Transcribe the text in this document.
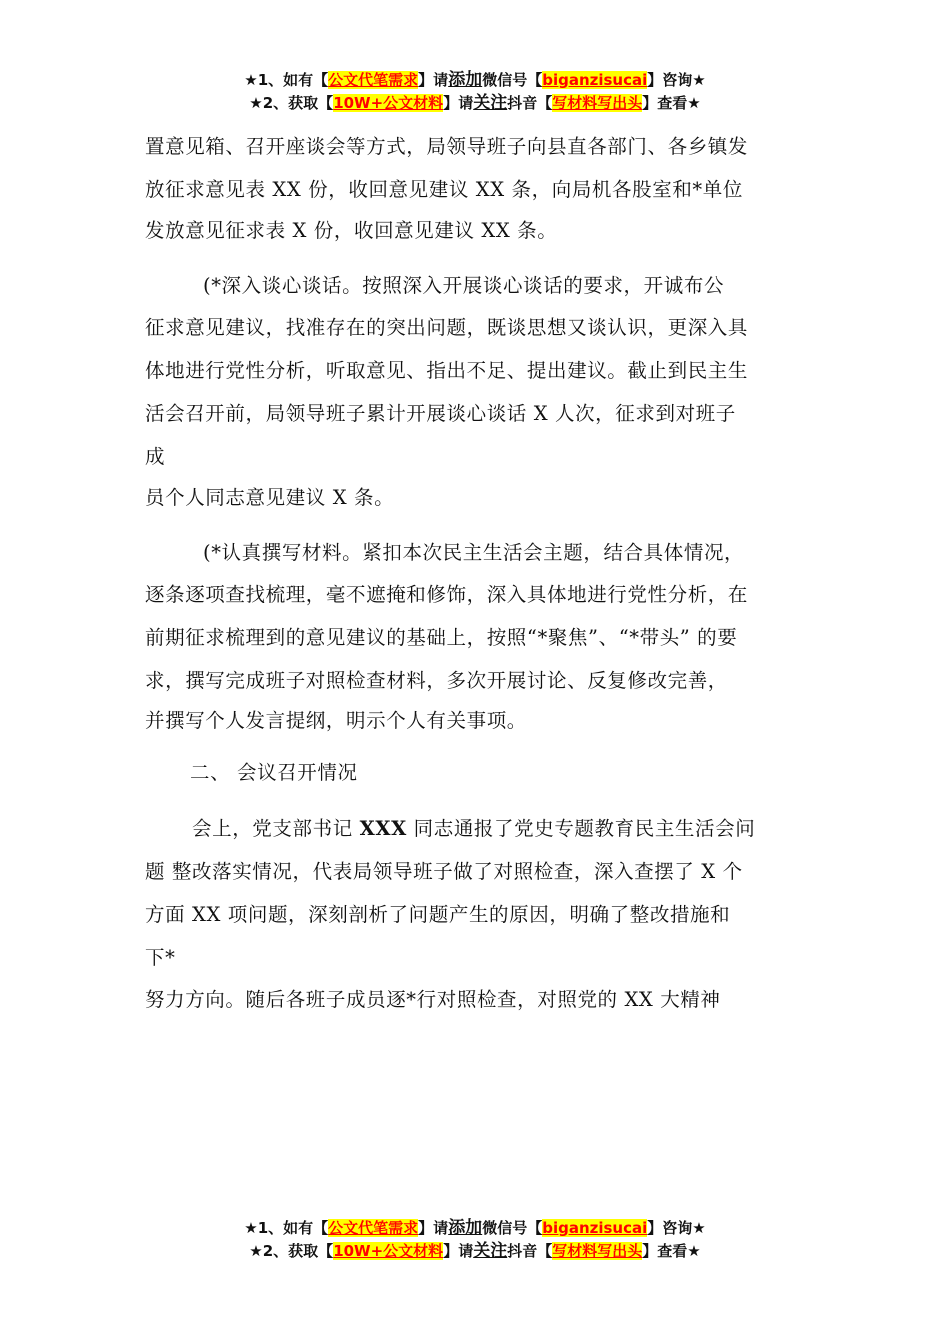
★1、如有【公文代笔需求】请添加微信号【biganzisucai】咨询★
★2、获取【10W+公文材料】请关注抖音【写材料写出头】查看★
置意见箱、召开座谈会等方式，局领导班子向县直各部门、各乡镇发
放征求意见表 XX 份，收回意见建议 XX 条，向局机各股室和*单位
发放意见征求表 X 份，收回意见建议 XX 条。
(*深入谈心谈话。按照深入开展谈心谈话的要求，开诚布公
征求意见建议，找准存在的突出问题，既谈思想又谈认识，更深入具
体地进行党性分析，听取意见、指出不足、提出建议。截止到民主生
活会召开前，局领导班子累计开展谈心谈话 X 人次，征求到对班子
成
员个人同志意见建议 X 条。
(*认真撰写材料。紧扣本次民主生活会主题，结合具体情况，
逐条逐项查找梳理，毫不遮掩和修饰，深入具体地进行党性分析，在
前期征求梳理到的意见建议的基础上，按照“*聚焦”、“*带头” 的要
求，撰写完成班子对照检查材料，多次开展讨论、反复修改完善，
并撰写个人发言提纲，明示个人有关事项。
二、 会议召开情况
会上，党支部书记 XXX 同志通报了党史专题教育民主生活会问
题 整改落实情况，代表局领导班子做了对照检查，深入查摆了 X 个
方面 XX 项问题，深刻剖析了问题产生的原因，明确了整改措施和
下*
努力方向。随后各班子成员逐*行对照检查，对照党的 XX 大精神
★1、如有【公文代笔需求】请添加微信号【biganzisucai】咨询★
★2、获取【10W+公文材料】请关注抖音【写材料写出头】查看★
